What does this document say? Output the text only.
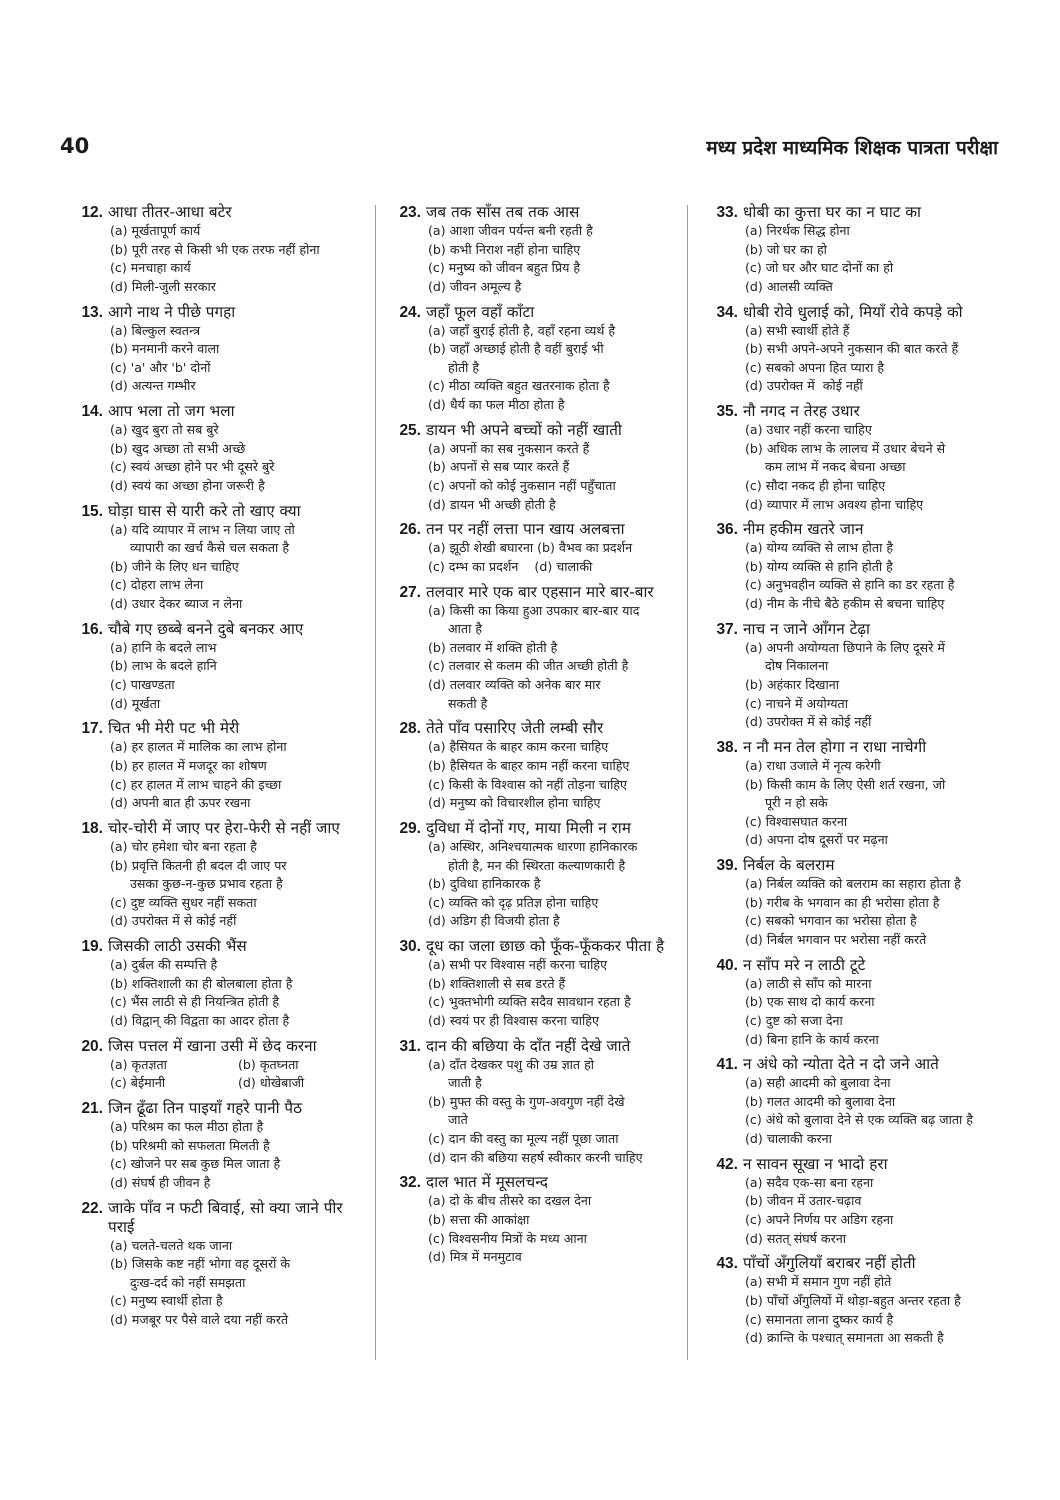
40	मध्य प्रदेश माध्यमिक शिक्षक पात्रता परीक्षा
12. आधा तीतर-आधा बटेर
(a) मूर्खतापूर्ण कार्य
(b) पूरी तरह से किसी भी एक तरफ नहीं होना
(c) मनचाहा कार्य
(d) मिली-जुली सरकार
13. आगे नाथ ने पीछे पगहा
(a) बिल्कुल स्वतन्त्र
(b) मनमानी करने वाला
(c) 'a' और 'b' दोनों
(d) अत्यन्त गम्भीर
14. आप भला तो जग भला
(a) खुद बुरा तो सब बुरे
(b) खुद अच्छा तो सभी अच्छे
(c) स्वयं अच्छा होने पर भी दूसरे बुरे
(d) स्वयं का अच्छा होना जरूरी है
15. घोड़ा घास से यारी करे तो खाए क्या
(a) यदि व्यापार में लाभ न लिया जाए तो
व्यापारी का खर्च कैसे चल सकता है
(b) जीने के लिए धन चाहिए
(c) दोहरा लाभ लेना
(d) उधार देकर ब्याज न लेना
16. चौबे गए छब्बे बनने दुबे बनकर आए
(a) हानि के बदले लाभ
(b) लाभ के बदले हानि
(c) पाखण्डता
(d) मूर्खता
17. चित भी मेरी पट भी मेरी
(a) हर हालत में मालिक का लाभ होना
(b) हर हालत में मजदूर का शोषण
(c) हर हालत में लाभ चाहने की इच्छा
(d) अपनी बात ही ऊपर रखना
18. चोर-चोरी में जाए पर हेरा-फेरी से नहीं जाए
(a) चोर हमेशा चोर बना रहता है
(b) प्रवृत्ति कितनी ही बदल दी जाए पर
उसका कुछ-न-कुछ प्रभाव रहता है
(c) दुष्ट व्यक्ति सुधर नहीं सकता
(d) उपरोक्त में से कोई नहीं
19. जिसकी लाठी उसकी भैंस
(a) दुर्बल की सम्पत्ति है
(b) शक्तिशाली का ही बोलबाला होता है
(c) भैंस लाठी से ही नियन्त्रित होती है
(d) विद्वान् की विद्वता का आदर होता है
20. जिस पत्तल में खाना उसी में छेद करना
(a) कृतज्ञता	(b) कृतघ्नता
(c) बेईमानी	(d) धोखेबाजी
21. जिन ढूँढा तिन पाइयाँ गहरे पानी पैठ
(a) परिश्रम का फल मीठा होता है
(b) परिश्रमी को सफलता मिलती है
(c) खोजने पर सब कुछ मिल जाता है
(d) संघर्ष ही जीवन है
22. जाके पाँव न फटी बिवाई, सो क्या जाने पीर पराई
(a) चलते-चलते थक जाना
(b) जिसके कष्ट नहीं भोगा वह दूसरों के
दुःख-दर्द को नहीं समझता
(c) मनुष्य स्वार्थी होता है
(d) मजबूर पर पैसे वाले दया नहीं करते
23. जब तक साँस तब तक आस
(a) आशा जीवन पर्यन्त बनी रहती है
(b) कभी निराश नहीं होना चाहिए
(c) मनुष्य को जीवन बहुत प्रिय है
(d) जीवन अमूल्य है
24. जहाँ फूल वहाँ काँटा
(a) जहाँ बुराई होती है, वहाँ रहना व्यर्थ है
(b) जहाँ अच्छाई होती है वहीं बुराई भी
होती है
(c) मीठा व्यक्ति बहुत खतरनाक होता है
(d) धैर्य का फल मीठा होता है
25. डायन भी अपने बच्चों को नहीं खाती
(a) अपनों का सब नुकसान करते हैं
(b) अपनों से सब प्यार करते हैं
(c) अपनों को कोई नुकसान नहीं पहुँचाता
(d) डायन भी अच्छी होती है
26. तन पर नहीं लत्ता पान खाय अलबत्ता
(a) झूठी शेखी बघारना (b) वैभव का प्रदर्शन
(c) दम्भ का प्रदर्शन    (d) चालाकी
27. तलवार मारे एक बार एहसान मारे बार-बार
(a) किसी का किया हुआ उपकार बार-बार याद
आता है
(b) तलवार में शक्ति होती है
(c) तलवार से कलम की जीत अच्छी होती है
(d) तलवार व्यक्ति को अनेक बार मार
सकती है
28. तेते पाँव पसारिए जेती लम्बी सौर
(a) हैसियत के बाहर काम करना चाहिए
(b) हैसियत के बाहर काम नहीं करना चाहिए
(c) किसी के विश्वास को नहीं तोड़ना चाहिए
(d) मनुष्य को विचारशील होना चाहिए
29. दुविधा में दोनों गए, माया मिली न राम
(a) अस्थिर, अनिश्चयात्मक धारणा हानिकारक
होती है, मन की स्थिरता कल्याणकारी है
(b) दुविधा हानिकारक है
(c) व्यक्ति को दृढ़ प्रतिज्ञ होना चाहिए
(d) अडिग ही विजयी होता है
30. दूध का जला छाछ को फूँक-फूँककर पीता है
(a) सभी पर विश्वास नहीं करना चाहिए
(b) शक्तिशाली से सब डरते हैं
(c) भुक्तभोगी व्यक्ति सदैव सावधान रहता है
(d) स्वयं पर ही विश्वास करना चाहिए
31. दान की बछिया के दाँत नहीं देखे जाते
(a) दाँत देखकर पशु की उम्र ज्ञात हो
जाती है
(b) मुफ्त की वस्तु के गुण-अवगुण नहीं देखे
जाते
(c) दान की वस्तु का मूल्य नहीं पूछा जाता
(d) दान की बछिया सहर्ष स्वीकार करनी चाहिए
32. दाल भात में मूसलचन्द
(a) दो के बीच तीसरे का दखल देना
(b) सत्ता की आकांक्षा
(c) विश्वसनीय मित्रों के मध्य आना
(d) मित्र में मनमुटाव
33. धोबी का कुत्ता घर का न घाट का
(a) निरर्थक सिद्ध होना
(b) जो घर का हो
(c) जो घर और घाट दोनों का हो
(d) आलसी व्यक्ति
34. धोबी रोवे धुलाई को, मियाँ रोवे कपड़े को
(a) सभी स्वार्थी होते हैं
(b) सभी अपने-अपने नुकसान की बात करते हैं
(c) सबको अपना हित प्यारा है
(d) उपरोक्त में  कोई नहीं
35. नौ नगद न तेरह उधार
(a) उधार नहीं करना चाहिए
(b) अधिक लाभ के लालच में उधार बेचने से
कम लाभ में नकद बेचना अच्छा
(c) सौदा नकद ही होना चाहिए
(d) व्यापार में लाभ अवश्य होना चाहिए
36. नीम हकीम खतरे जान
(a) योग्य व्यक्ति से लाभ होता है
(b) योग्य व्यक्ति से हानि होती है
(c) अनुभवहीन व्यक्ति से हानि का डर रहता है
(d) नीम के नीचे बैठे हकीम से बचना चाहिए
37. नाच न जाने आँगन टेढ़ा
(a) अपनी अयोग्यता छिपाने के लिए दूसरे में
दोष निकालना
(b) अहंकार दिखाना
(c) नाचने में अयोग्यता
(d) उपरोक्त में से कोई नहीं
38. न नौ मन तेल होगा न राधा नाचेगी
(a) राधा उजाले में नृत्य करेगी
(b) किसी काम के लिए ऐसी शर्त रखना, जो
पूरी न हो सके
(c) विश्वासघात करना
(d) अपना दोष दूसरों पर मढ़ना
39. निर्बल के बलराम
(a) निर्बल व्यक्ति को बलराम का सहारा होता है
(b) गरीब के भगवान का ही भरोसा होता है
(c) सबको भगवान का भरोसा होता है
(d) निर्बल भगवान पर भरोसा नहीं करते
40. न साँप मरे न लाठी टूटे
(a) लाठी से साँप को मारना
(b) एक साथ दो कार्य करना
(c) दुष्ट को सजा देना
(d) बिना हानि के कार्य करना
41. न अंधे को न्योता देते न दो जने आते
(a) सही आदमी को बुलावा देना
(b) गलत आदमी को बुलावा देना
(c) अंधे को बुलावा देने से एक व्यक्ति बढ़ जाता है
(d) चालाकी करना
42. न सावन सूखा न भादो हरा
(a) सदैव एक-सा बना रहना
(b) जीवन में उतार-चढ़ाव
(c) अपने निर्णय पर अडिग रहना
(d) सतत् संघर्ष करना
43. पाँचों अँगुलियाँ बराबर नहीं होती
(a) सभी में समान गुण नहीं होते
(b) पाँचों अँगुलियों में थोड़ा-बहुत अन्तर रहता है
(c) समानता लाना दुष्कर कार्य है
(d) क्रान्ति के पश्चात् समानता आ सकती है
